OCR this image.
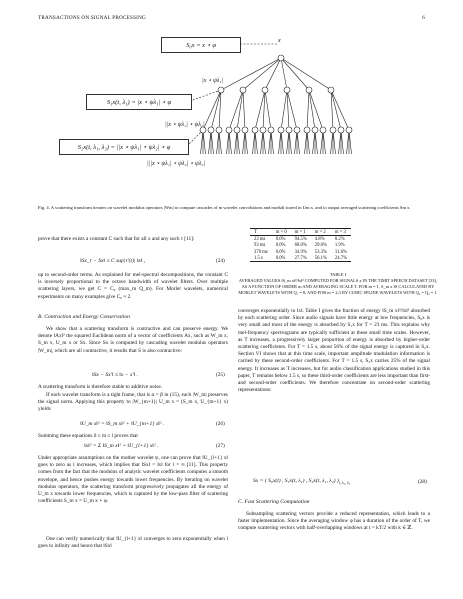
TRANSACTIONS ON SIGNAL PROCESSING	6
S₀x = x ⋆ φ
x
|x ⋆ ψλ₁|
S₁x(t, λ₁) = |x ⋆ ψλ₁| ⋆ φ
||x ⋆ ψλ₁| ⋆ ψλ₂|
S₂x(t, λ₁, λ₂) = ||x ⋆ ψλ₁| ⋆ ψλ₂| ⋆ φ
|||x ⋆ ψλ₁| ⋆ ψλ₂| ⋆ ψλ₃|
Fig. 4. A scattering transform iterates on wavelet modulus operators |Wm| to compute cascades of m wavelet convolutions and moduli stored in Um x, and to output averaged scattering coefficients Sm x.
prove that there exists a constant C such that for all x and any such τ [11]:
‖Sx_τ − Sx‖ ≤ C sup|τ′(t)| ‖x‖ ,	(24)
up to second-order terms. As explained for mel-spectral decompositions, the constant C is inversely proportional to the octave bandwidth of wavelet filters. Over multiple scattering layers, we get C = C₀ (max_m Q_m). For Morlet wavelets, numerical experiments on many examples give C₀ ≈ 2.
B. Contraction and Energy Conservation
We show that a scattering transform is contractive and can preserve energy. We denote ‖Ax‖² the squared Euclidean norm of a vector of coefficients Ax, such as W_m x, S_m x, U_m x or Sx. Since Sx is computed by cascading wavelet modulus operators |W_m|, which are all contractive, it results that S is also contractive:
‖Sx − Sx′‖ ≤ ‖x − x′‖ .	(25)
A scattering transform is therefore stable to additive noise.
If each wavelet transform is a tight frame, that is α = β in (15), each |W_m| preserves the signal norm. Applying this property to |W_{m+1}| U_m x = (S_m x, U_{m+1} x) yields
‖U_m x‖² = ‖S_m x‖² + ‖U_{m+1} x‖² .	(26)
Summing these equations 0 ≤ m ≤ l proves that
‖x‖² = Σ ‖S_m x‖² + ‖U_{l+1} x‖² .	(27)
Under appropriate assumptions on the mother wavelet ψ, one can prove that ‖U_{l+1} x‖ goes to zero as l increases, which implies that ‖Sx‖ = ‖x‖ for l = ∞ [11]. This property comes from the fact that the modulus of analytic wavelet coefficients computes a smooth envelope, and hence pushes energy towards lower frequencies. By iterating on wavelet modulus operators, the scattering transform progressively propagates all the energy of U_m x towards lower frequencies, which is captured by the low-pass filter of scattering coefficients S_m x = U_m x ⋆ φ.
One can verify numerically that ‖U_{l+1} x‖ converges to zero exponentially when l goes to infinity and hence that ‖Sx‖
T	m = 0	m = 1	m = 2	m = 3
23 ms	0.0%	94.5%	4.8%	0.2%
93 ms	0.0%	68.0%	29.0%	1.9%
370 ms	0.0%	34.9%	53.3%	11.6%
1.5 s	0.0%	27.7%	56.1%	24.7%
TABLE I
AVERAGED VALUES ‖S_m x‖²/‖x‖² COMPUTED FOR SIGNALS x IN THE TIMIT SPEECH DATASET [33], AS A FUNCTION OF ORDER m AND AVERAGING SCALE T. FOR m = 1, S_m x IS CALCULATED BY MORLET WAVELETS WITH Q₁ = 8, AND FOR m = 2,3 BY CUBIC SPLINE WAVELETS WITH Q₂ = Q₃ = 1.
converges exponentially to ‖x‖. Table I gives the fraction of energy ‖S_m x‖²/‖x‖² absorbed by each scattering order. Since audio signals have little energy at low frequencies, S₀x is very small and most of the energy is absorbed by S₁x for T = 23 ms. This explains why mel-frequency spectrograms are typically sufficient at these small time scales. However, as T increases, a progressively larger proportion of energy is absorbed by higher-order scattering coefficients. For T = 1.5 s, about 56% of the signal energy is captured in S₂x. Section VI shows that at this time scale, important amplitude modulation information is carried by these second-order coefficients. For T = 1.5 s, S₃x carries 25% of the signal energy. It increases as T increases, but for audio classification applications studied in this paper, T remains below 1.5 s, so these third-order coefficients are less important than first- and second-order coefficients. We therefore concentrate on second-order scattering representations:
Sx = ( S₀x(t) , S₁x(t, λ₁) , S₂x(t, λ₁, λ₂) )$_{t, \lambda_1, \lambda_2}$	(28)
C. Fast Scattering Computation
Subsampling scattering vectors provide a reduced representation, which leads to a faster implementation. Since the averaging window φ has a duration of the order of T, we compute scattering vectors with half-overlapping windows at t = kT/2 with k ∈ ℤ.
